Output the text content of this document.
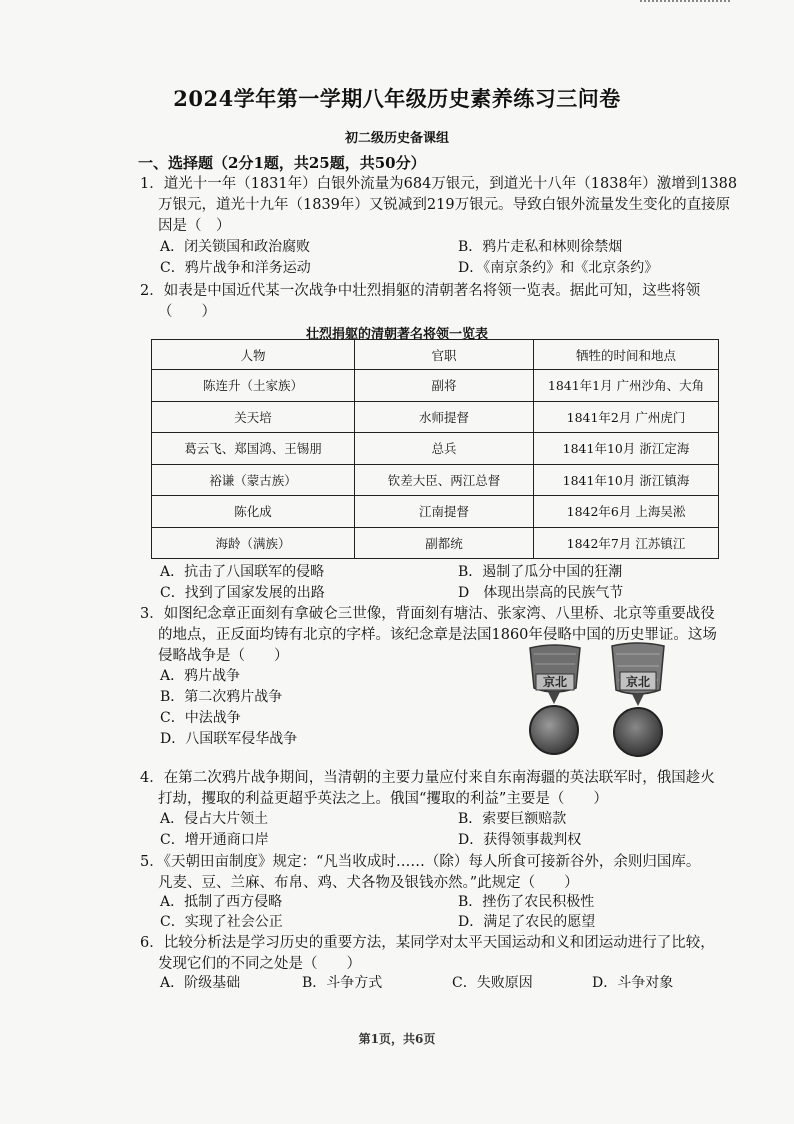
2024学年第一学期八年级历史素养练习三问卷
初二级历史备课组
一、选择题（2分1题，共25题，共50分）
1．道光十一年（1831年）白银外流量为684万银元，到道光十八年（1838年）激增到1388
万银元，道光十九年（1839年）又锐减到219万银元。导致白银外流量发生变化的直接原
因是（　）
A．闭关锁国和政治腐败	B．鸦片走私和林则徐禁烟
C．鸦片战争和洋务运动	D．《南京条约》和《北京条约》
2．如表是中国近代某一次战争中壮烈捐躯的清朝著名将领一览表。据此可知，这些将领
（　　）
壮烈捐躯的清朝著名将领一览表
人物	官职	牺牲的时间和地点
陈连升（土家族）	副将	1841年1月 广州沙角、大角
关天培	水师提督	1841年2月 广州虎门
葛云飞、郑国鸿、王锡朋	总兵	1841年10月 浙江定海
裕谦（蒙古族）	钦差大臣、两江总督	1841年10月 浙江镇海
陈化成	江南提督	1842年6月 上海吴淞
海龄（满族）	副都统	1842年7月 江苏镇江
A．抗击了八国联军的侵略	B．遏制了瓜分中国的狂潮
C．找到了国家发展的出路	D　体现出崇高的民族气节
3．如图纪念章正面刻有拿破仑三世像，背面刻有塘沽、张家湾、八里桥、北京等重要战役
的地点，正反面均铸有北京的字样。该纪念章是法国1860年侵略中国的历史罪证。这场
侵略战争是（　　）
A．鸦片战争
B．第二次鸦片战争
C．中法战争
D．八国联军侵华战争
京北	京北
4．在第二次鸦片战争期间，当清朝的主要力量应付来自东南海疆的英法联军时，俄国趁火
打劫，攫取的利益更超乎英法之上。俄国“攫取的利益”主要是（　　）
A．侵占大片领土	B．索要巨额赔款
C．增开通商口岸	D．获得领事裁判权
5．《天朝田亩制度》规定：“凡当收成时……（除）每人所食可接新谷外，余则归国库。
凡麦、豆、兰麻、布帛、鸡、犬各物及银钱亦然。”此规定（　　）
A．抵制了西方侵略	B．挫伤了农民积极性
C．实现了社会公正	D．满足了农民的愿望
6．比较分析法是学习历史的重要方法，某同学对太平天国运动和义和团运动进行了比较，
发现它们的不同之处是（　　）
A．阶级基础	B．斗争方式	C．失败原因	D．斗争对象
第1页，共6页
